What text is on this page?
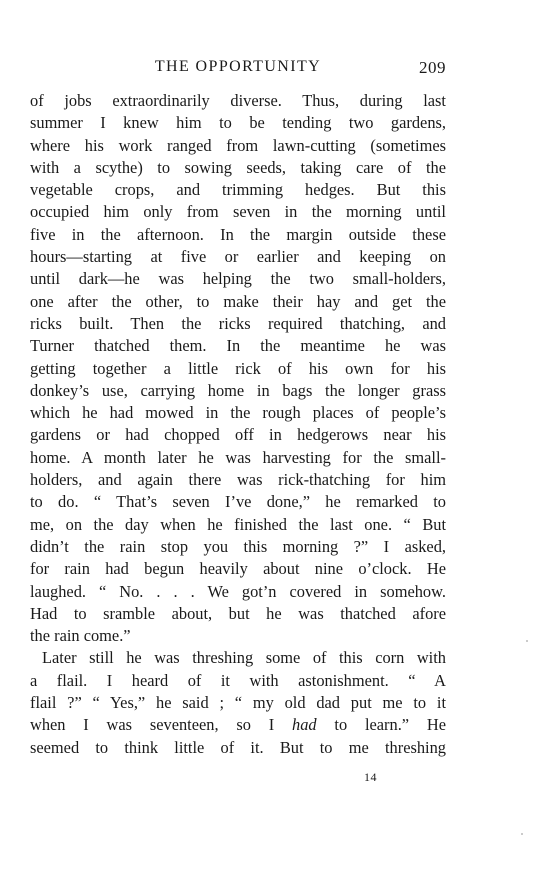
THE OPPORTUNITY	209
of jobs extraordinarily diverse. Thus, during last
summer I knew him to be tending two gardens,
where his work ranged from lawn-cutting (sometimes
with a scythe) to sowing seeds, taking care of the
vegetable crops, and trimming hedges. But this
occupied him only from seven in the morning until
five in the afternoon. In the margin outside these
hours—starting at five or earlier and keeping on
until dark—he was helping the two small-holders,
one after the other, to make their hay and get the
ricks built. Then the ricks required thatching, and
Turner thatched them. In the meantime he was
getting together a little rick of his own for his
donkey’s use, carrying home in bags the longer grass
which he had mowed in the rough places of people’s
gardens or had chopped off in hedgerows near his
home. A month later he was harvesting for the small-
holders, and again there was rick-thatching for him
to do. “ That’s seven I’ve done,” he remarked to
me, on the day when he finished the last one. “ But
didn’t the rain stop you this morning ?” I asked,
for rain had begun heavily about nine o’clock. He
laughed. “ No. . . . We got’n covered in somehow.
Had to sramble about, but he was thatched afore
the rain come.”
Later still he was threshing some of this corn with
a flail. I heard of it with astonishment. “ A
flail ?” “ Yes,” he said ; “ my old dad put me to it
when I was seventeen, so I had to learn.” He
seemed to think little of it. But to me threshing
14
